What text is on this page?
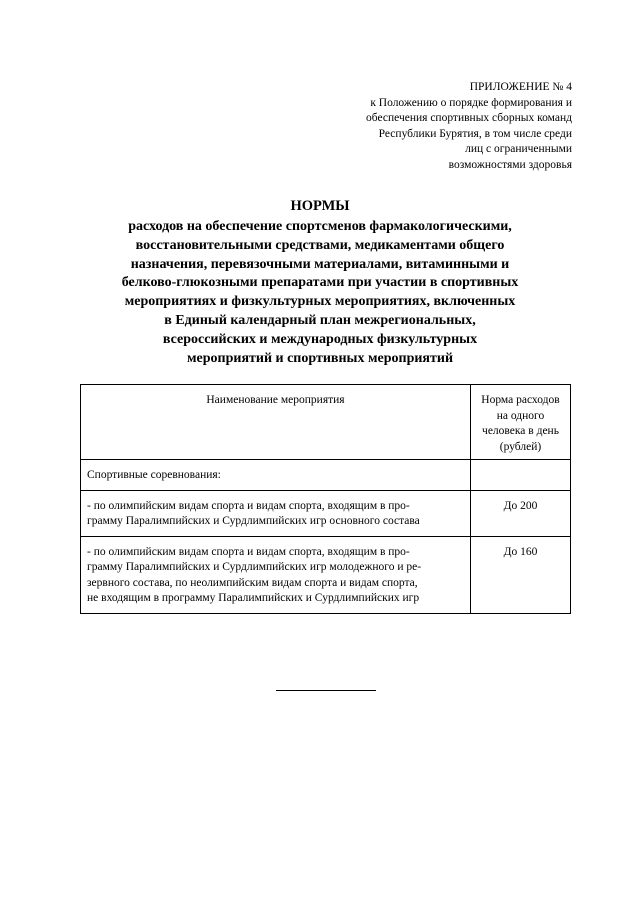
ПРИЛОЖЕНИЕ № 4
к Положению о порядке формирования и
обеспечения спортивных сборных команд
Республики Бурятия, в том числе среди
лиц с ограниченными
возможностями здоровья
НОРМЫ
расходов на обеспечение спортсменов фармакологическими,
восстановительными средствами, медикаментами общего
назначения, перевязочными материалами, витаминными и
белково-глюкозными препаратами при участии в спортивных
мероприятиях и физкультурных мероприятиях, включенных
в Единый календарный план межрегиональных,
всероссийских и международных физкультурных
мероприятий и спортивных мероприятий
Наименование мероприятия	Норма расходов
на одного
человека в день
(рублей)

Спортивные соревнования:	

- по олимпийским видам спорта и видам спорта, входящим в про-
грамму Паралимпийских и Сурдлимпийских игр основного состава	До 200

- по олимпийским видам спорта и видам спорта, входящим в про-
грамму Паралимпийских и Сурдлимпийских игр молодежного и ре-
зервного состава, по неолимпийским видам спорта и видам спорта,
не входящим в программу Паралимпийских и Сурдлимпийских игр	До 160
